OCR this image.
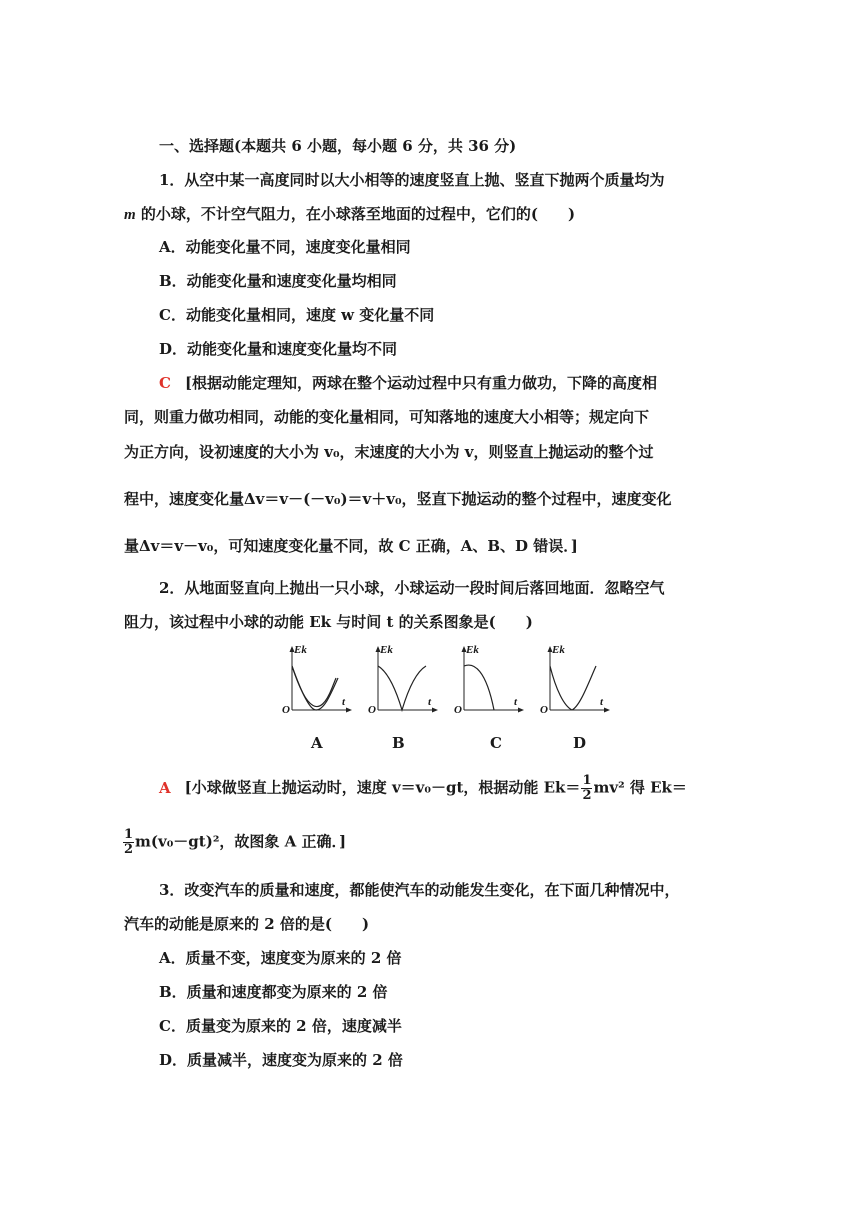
一、选择题(本题共 6 小题，每小题 6 分，共 36 分)
1．从空中某一高度同时以大小相等的速度竖直上抛、竖直下抛两个质量均为
m 的小球，不计空气阻力，在小球落至地面的过程中，它们的(　　)
A．动能变化量不同，速度变化量相同
B．动能变化量和速度变化量均相同
C．动能变化量相同，速度 w 变化量不同
D．动能变化量和速度变化量均不同
C [根据动能定理知，两球在整个运动过程中只有重力做功，下降的高度相
同，则重力做功相同，动能的变化量相同，可知落地的速度大小相等；规定向下
为正方向，设初速度的大小为 v₀，末速度的大小为 v，则竖直上抛运动的整个过
程中，速度变化量Δv＝v－(－v₀)＝v＋v₀，竖直下抛运动的整个过程中，速度变化
量Δv＝v－v₀，可知速度变化量不同，故 C 正确，A、B、D 错误．]
2．从地面竖直向上抛出一只小球，小球运动一段时间后落回地面．忽略空气
阻力，该过程中小球的动能 Ek 与时间 t 的关系图象是(　　)
Ek
t
O
A
Ek
t
O
B
Ek
t
O
C
Ek
t
O
D
A [小球做竖直上抛运动时，速度 v＝v₀－gt，根据动能 $Ek= \frac{1}{2} mv^2$ 得 Ek＝
$\frac{1}{2} m(v_0-gt)^2$，故图象 A 正确．]
3．改变汽车的质量和速度，都能使汽车的动能发生变化，在下面几种情况中，
汽车的动能是原来的 2 倍的是(　　)
A．质量不变，速度变为原来的 2 倍
B．质量和速度都变为原来的 2 倍
C．质量变为原来的 2 倍，速度减半
D．质量减半，速度变为原来的 2 倍
